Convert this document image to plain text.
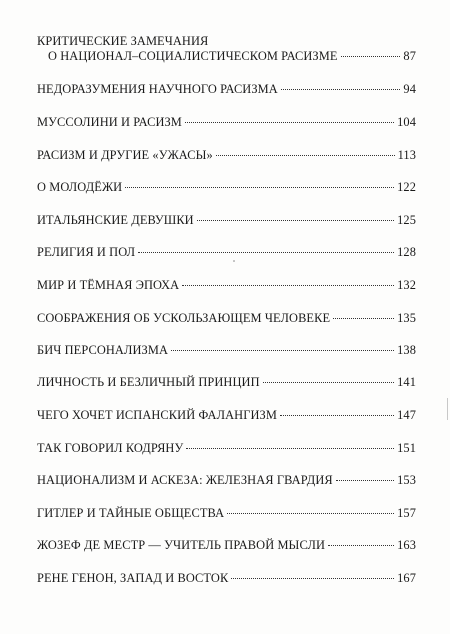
КРИТИЧЕСКИЕ ЗАМЕЧАНИЯ
О НАЦИОНАЛ–СОЦИАЛИСТИЧЕСКОМ РАСИЗМЕ	87
НЕДОРАЗУМЕНИЯ НАУЧНОГО РАСИЗМА	94
МУССОЛИНИ И РАСИЗМ	104
РАСИЗМ И ДРУГИЕ «УЖАСЫ»	113
О МОЛОДЁЖИ	122
ИТАЛЬЯНСКИЕ ДЕВУШКИ	125
РЕЛИГИЯ И ПОЛ	128
МИР И ТЁМНАЯ ЭПОХА	132
СООБРАЖЕНИЯ ОБ УСКОЛЬЗАЮЩЕМ ЧЕЛОВЕКЕ	135
БИЧ ПЕРСОНАЛИЗМА	138
ЛИЧНОСТЬ И БЕЗЛИЧНЫЙ ПРИНЦИП	141
ЧЕГО ХОЧЕТ ИСПАНСКИЙ ФАЛАНГИЗМ	147
ТАК ГОВОРИЛ КОДРЯНУ	151
НАЦИОНАЛИЗМ И АСКЕЗА: ЖЕЛЕЗНАЯ ГВАРДИЯ	153
ГИТЛЕР И ТАЙНЫЕ ОБЩЕСТВА	157
ЖОЗЕФ ДЕ МЕСТР — УЧИТЕЛЬ ПРАВОЙ МЫСЛИ	163
РЕНЕ ГЕНОН, ЗАПАД И ВОСТОК	167
